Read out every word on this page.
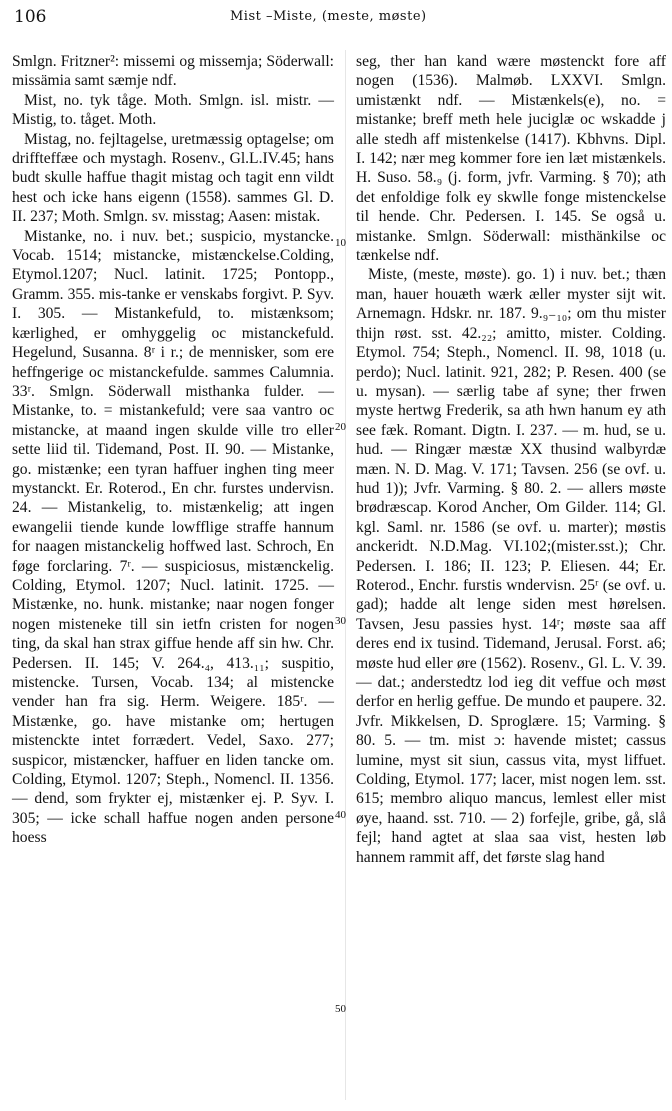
106	Mist –Miste, (meste, møste)

Smlgn. Fritzner²: missemi og missemja; Söderwall: missämia samt sæmje ndf.

Mist, no. tyk tåge. Moth. Smlgn. isl. mistr. — Mistig, to. tåget. Moth.

Mistag, no. fejltagelse, uretmæssig optagelse; om driffteffæe och mystagh. Rosenv., Gl.L.IV.45; hans budt skulle haffue thagit mistag och tagit enn vildt hest och icke hans eigenn (1558). sammes Gl. D. II. 237; Moth. Smlgn. sv. misstag; Aasen: mistak.

Mistanke, no. i nuv. bet.; suspicio, mystancke. Vocab. 1514; mistancke, mistænckelse.Colding, Etymol.1207; Nucl. latinit. 1725; Pontopp., Gramm. 355. mis-tanke er venskabs forgivt. P. Syv. I. 305. — Mistankefuld, to. mistænksom; kærlighed, er omhyggelig oc mistanckefuld. Hegelund, Susanna. 8ʳ i r.; de mennisker, som ere heffngerige oc mistanckefulde. sammes Calumnia. 33ʳ. Smlgn. Söderwall misthanka fulder. — Mistanke, to. = mistankefuld; vere saa vantro oc mistancke, at maand ingen skulde ville tro eller sette liid til. Tidemand, Post. II. 90. — Mistanke, go. mistænke; een tyran haffuer inghen ting meer mystanckt. Er. Roterod., En chr. furstes undervisn. 24. — Mistankelig, to. mistænkelig; att ingen ewangelii tiende kunde lowfflige straffe hannum for naagen mistanckelig hoffwed last. Schroch, En føge forclaring. 7ʳ. — suspiciosus, mistænckelig. Colding, Etymol. 1207; Nucl. latinit. 1725. — Mistænke, no. hunk. mistanke; naar nogen fonger nogen misteneke till sin ietfn cristen for nogen ting, da skal han strax giffue hende aff sin hw. Chr. Pedersen. II. 145; V. 264.₄, 413.₁₁; suspitio, mistencke. Tursen, Vocab. 134; al mistencke vender han fra sig. Herm. Weigere. 185ʳ. — Mistænke, go. have mistanke om; hertugen mistenckte intet forrædert. Vedel, Saxo. 277; suspicor, mistæncker, haffuer en liden tancke om. Colding, Etymol. 1207; Steph., Nomencl. II. 1356. — dend, som frykter ej, mistænker ej. P. Syv. I. 305; — icke schall haffue nogen anden persone hoess

10
20
30
40
50

seg, ther han kand wære møstenckt fore aff nogen (1536). Malmøb. LXXVI. Smlgn. umistænkt ndf. — Mistænkels(e), no. = mistanke; breff meth hele juciglæ oc wskadde j alle stedh aff mistenkelse (1417). Kbhvns. Dipl. I. 142; nær meg kommer fore ien læt mistænkels. H. Suso. 58.₉ (j. form, jvfr. Varming. § 70); ath det enfoldige folk ey skwlle fonge mistenckelse til hende. Chr. Pedersen. I. 145. Se også u. mistanke. Smlgn. Söderwall: misthänkilse oc tænkelse ndf.

Miste, (meste, møste). go. 1) i nuv. bet.; thæn man, hauer houæth wærk æller myster sijt wit. Arnemagn. Hdskr. nr. 187. 9.₉₋₁₀; om thu mister thijn røst. sst. 42.₂₂; amitto, mister. Colding. Etymol. 754; Steph., Nomencl. II. 98, 1018 (u. perdo); Nucl. latinit. 921, 282; P. Resen. 400 (se u. mysan). — særlig tabe af syne; ther frwen myste hertwg Frederik, sa ath hwn hanum ey ath see fæk. Romant. Digtn. I. 237. — m. hud, se u. hud. — Ringær mæstæ XX thusind walbyrdæ mæn. N. D. Mag. V. 171; Tavsen. 256 (se ovf. u. hud 1)); Jvfr. Varming. § 80. 2. — allers møste brødræscap. Korod Ancher, Om Gilder. 114; Gl. kgl. Saml. nr. 1586 (se ovf. u. marter); møstis anckeridt. N.D.Mag. VI.102;(mister.sst.); Chr. Pedersen. I. 186; II. 123; P. Eliesen. 44; Er. Roterod., Enchr. furstis wndervisn. 25ʳ (se ovf. u. gad); hadde alt lenge siden mest hørelsen. Tavsen, Jesu passies hyst. 14ʳ; møste saa aff deres end ix tusind. Tidemand, Jerusal. Forst. a6; møste hud eller øre (1562). Rosenv., Gl. L. V. 39. — dat.; anderstedtz lod ieg dit veffue och møst derfor en herlig geffue. De mundo et paupere. 32. Jvfr. Mikkelsen, D. Sproglære. 15; Varming. § 80. 5. — tm. mist ɔ: havende mistet; cassus lumine, myst sit siun, cassus vita, myst liffuet. Colding, Etymol. 177; lacer, mist nogen lem. sst. 615; membro aliquo mancus, lemlest eller mist øye, haand. sst. 710. — 2) forfejle, gribe, gå, slå fejl; hand agtet at slaa saa vist, hesten løb hannem rammit aff, det første slag hand
